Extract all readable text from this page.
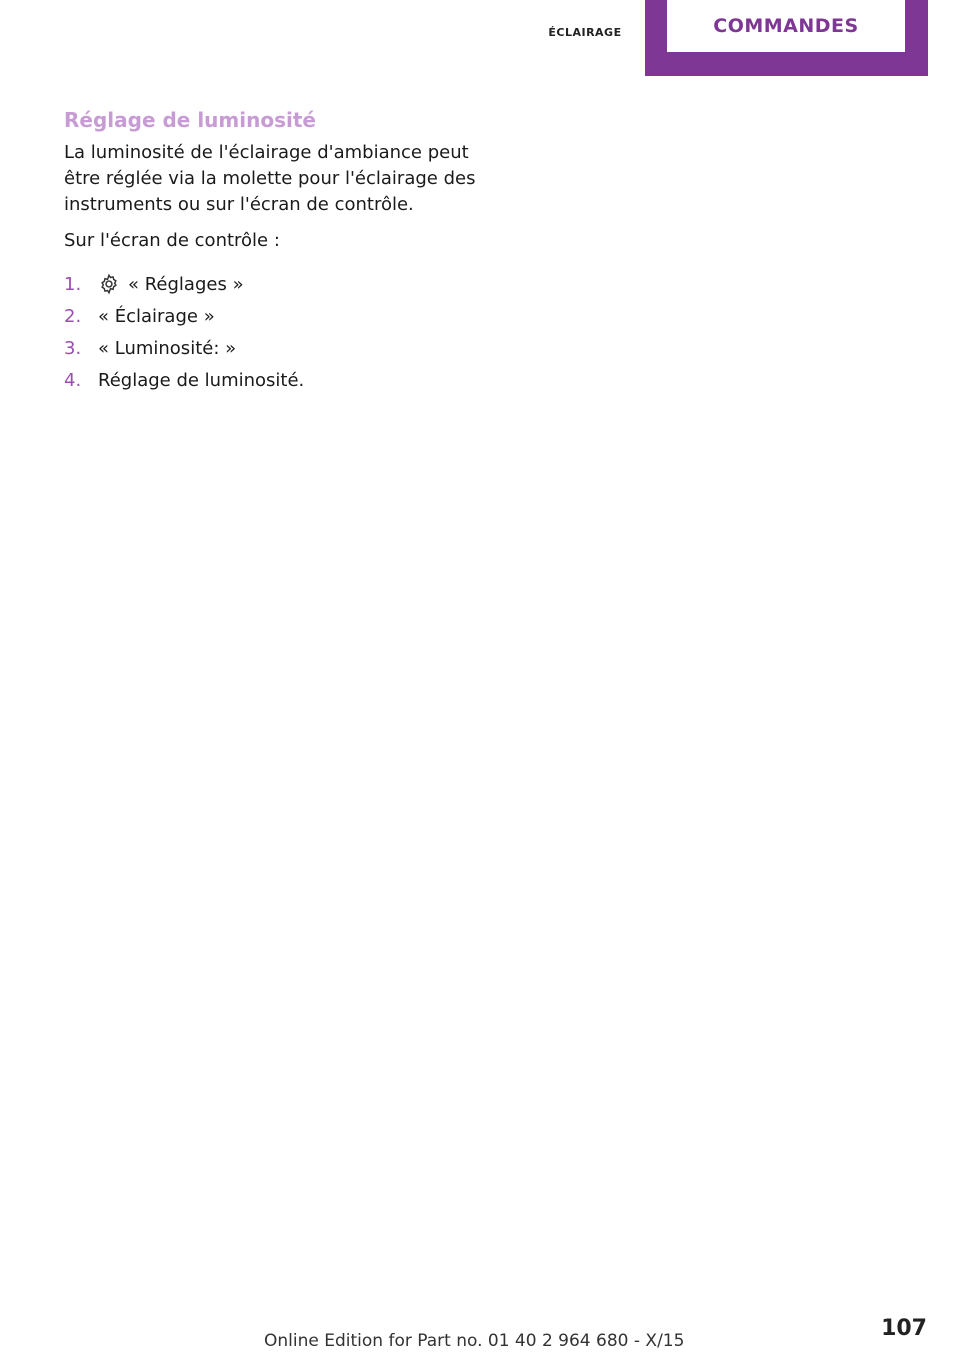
éclairage	COMMANDES
Réglage de luminosité

La luminosité de l'éclairage d'ambiance peut être réglée via la molette pour l'éclairage des instruments ou sur l'écran de contrôle.

Sur l'écran de contrôle :

1.	« Réglages »
2. « Éclairage »
3. « Luminosité: »
4. Réglage de luminosité.
Online Edition for Part no. 01 40 2 964 680 - X/15	107
